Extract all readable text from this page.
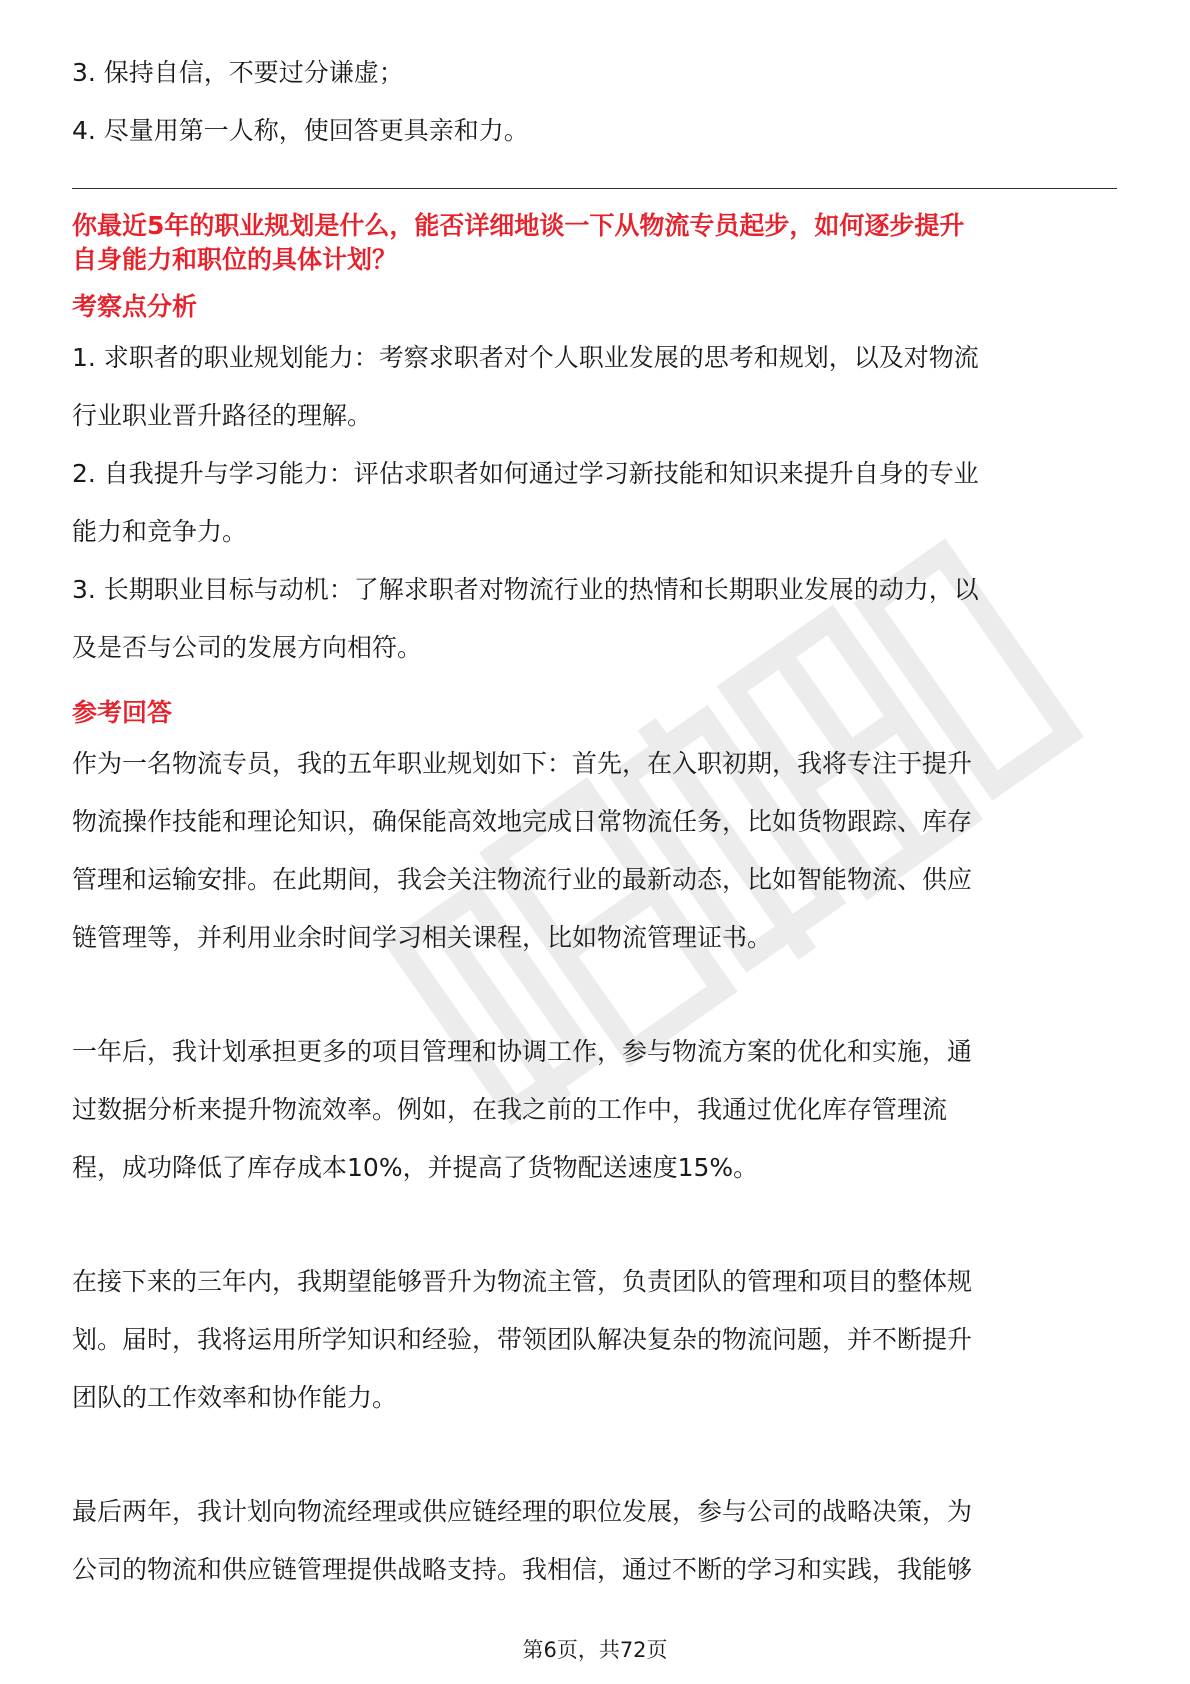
3. 保持自信，不要过分谦虚；

4. 尽量用第一人称，使回答更具亲和力。

你最近5年的职业规划是什么，能否详细地谈一下从物流专员起步，如何逐步提升

自身能力和职位的具体计划？

考察点分析

1. 求职者的职业规划能力：考察求职者对个人职业发展的思考和规划，以及对物流

行业职业晋升路径的理解。

2. 自我提升与学习能力：评估求职者如何通过学习新技能和知识来提升自身的专业

能力和竞争力。

3. 长期职业目标与动机：了解求职者对物流行业的热情和长期职业发展的动力，以

及是否与公司的发展方向相符。

参考回答

作为一名物流专员，我的五年职业规划如下：首先，在入职初期，我将专注于提升

物流操作技能和理论知识，确保能高效地完成日常物流任务，比如货物跟踪、库存

管理和运输安排。在此期间，我会关注物流行业的最新动态，比如智能物流、供应

链管理等，并利用业余时间学习相关课程，比如物流管理证书。

一年后，我计划承担更多的项目管理和协调工作，参与物流方案的优化和实施，通

过数据分析来提升物流效率。例如，在我之前的工作中，我通过优化库存管理流

程，成功降低了库存成本10%，并提高了货物配送速度15%。

在接下来的三年内，我期望能够晋升为物流主管，负责团队的管理和项目的整体规

划。届时，我将运用所学知识和经验，带领团队解决复杂的物流问题，并不断提升

团队的工作效率和协作能力。

最后两年，我计划向物流经理或供应链经理的职位发展，参与公司的战略决策，为

公司的物流和供应链管理提供战略支持。我相信，通过不断的学习和实践，我能够

第6页，共72页
